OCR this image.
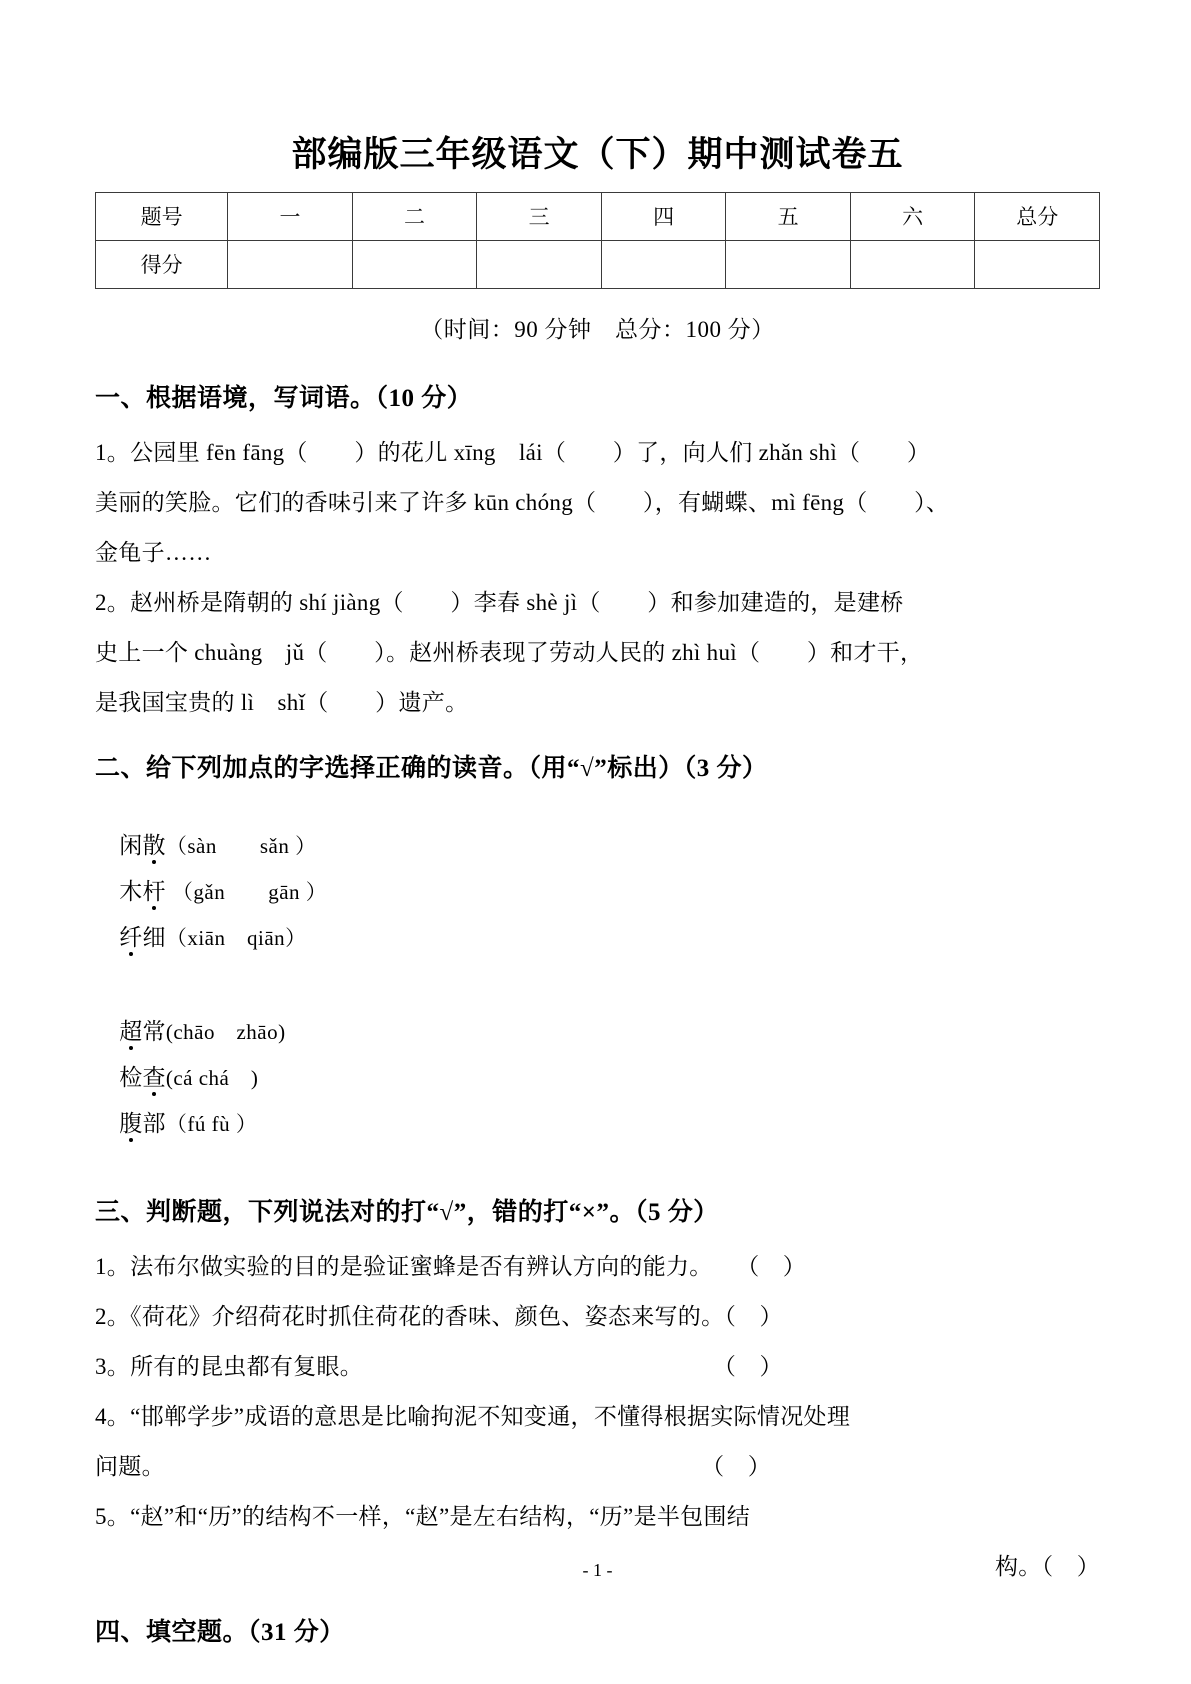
部编版三年级语文（下）期中测试卷五
题号	一	二	三	四	五	六	总分
得分							
（时间：90 分钟　总分：100 分）
一、根据语境，写词语。（10 分）
1。公园里 fēn fāng（　　）的花儿 xīng　lái（　　）了，向人们 zhǎn shì（　　）
美丽的笑脸。它们的香味引来了许多 kūn chóng（　　），有蝴蝶、mì fēng（　　）、
金龟子……
2。赵州桥是隋朝的 shí jiàng（　　）李春 shè jì（　　）和参加建造的，是建桥
史上一个 chuàng　jǔ（　　）。赵州桥表现了劳动人民的 zhì huì（　　）和才干，
是我国宝贵的 lì　shǐ（　　）遗产。
二、给下列加点的字选择正确的读音。（用“√”标出）（3 分）

闲散（sàn　　sǎn ）

木杆 （gǎn　　gān ）

纤细（xiān　qiān）

超常(chāo　zhāo)

检查(cá chá　)

腹部（fú fù ）

三、判断题，下列说法对的打“√”，错的打“×”。（5 分）
1。法布尔做实验的目的是验证蜜蜂是否有辨认方向的能力。　　（　）
2。《荷花》介绍荷花时抓住荷花的香味、颜色、姿态来写的。（　）
3。所有的昆虫都有复眼。　　　　　　　　　　　　　　　　（　）
4。“邯郸学步”成语的意思是比喻拘泥不知变通，不懂得根据实际情况处理
问题。　　　　　　　　　　　　　　　　　　　　　　　　（　）
5。“赵”和“历”的结构不一样，“赵”是左右结构，“历”是半包围结
构。（　）
四、填空题。（31 分）
- 1 -
